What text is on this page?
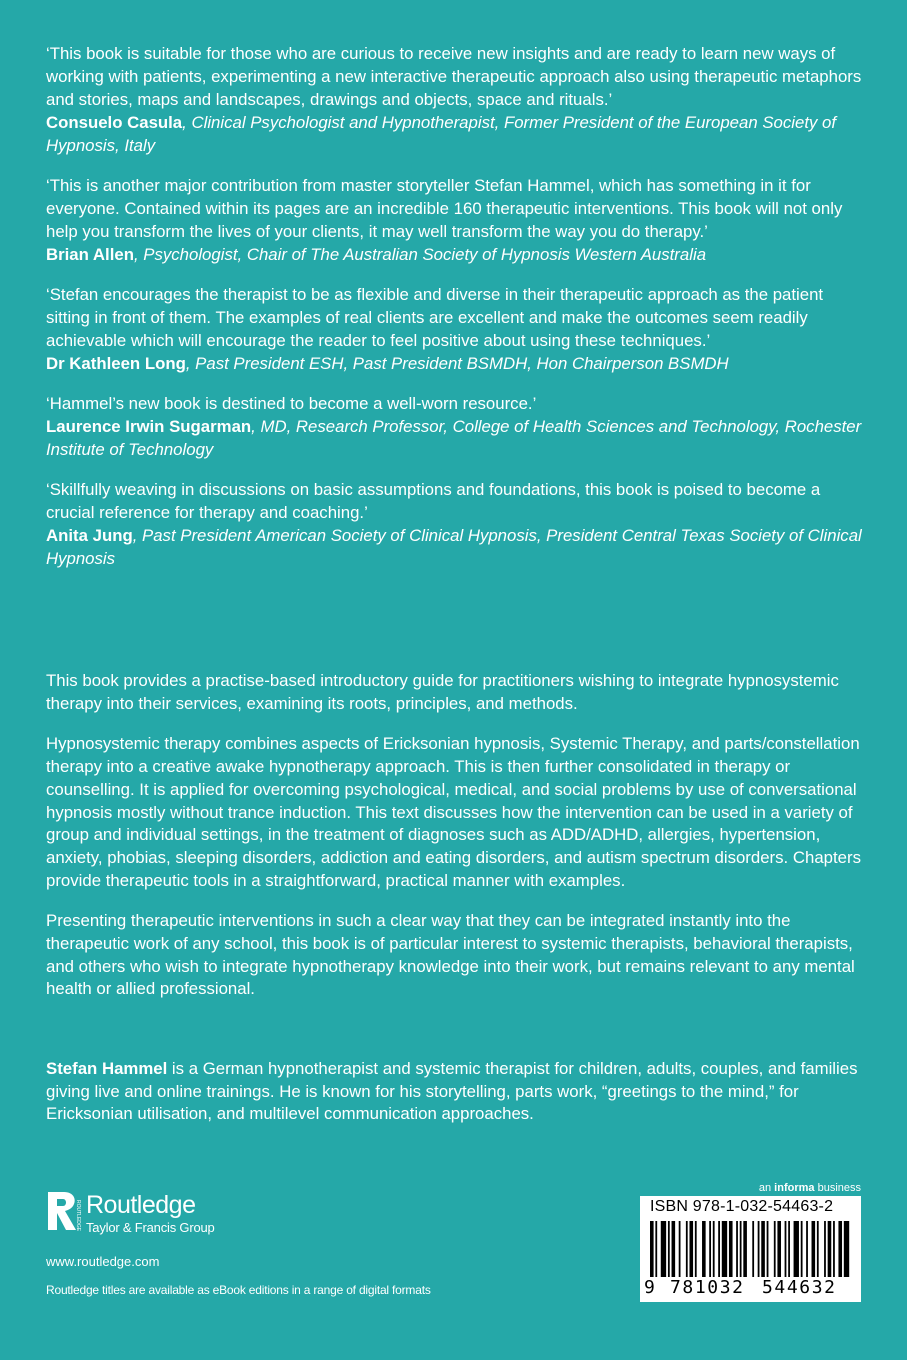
‘This book is suitable for those who are curious to receive new insights and are ready to learn new ways of working with patients, experimenting a new interactive therapeutic approach also using therapeutic metaphors and stories, maps and landscapes, drawings and objects, space and rituals.’

Consuelo Casula, Clinical Psychologist and Hypnotherapist, Former President of the European Society of Hypnosis, Italy

‘This is another major contribution from master storyteller Stefan Hammel, which has something in it for everyone. Contained within its pages are an incredible 160 therapeutic interventions. This book will not only help you transform the lives of your clients, it may well transform the way you do therapy.’

Brian Allen, Psychologist, Chair of The Australian Society of Hypnosis Western Australia

‘Stefan encourages the therapist to be as flexible and diverse in their therapeutic approach as the patient sitting in front of them. The examples of real clients are excellent and make the outcomes seem readily achievable which will encourage the reader to feel positive about using these techniques.’

Dr Kathleen Long, Past President ESH, Past President BSMDH, Hon Chairperson BSMDH

‘Hammel’s new book is destined to become a well-worn resource.’

Laurence Irwin Sugarman, MD, Research Professor, College of Health Sciences and Technology, Rochester Institute of Technology

‘Skillfully weaving in discussions on basic assumptions and foundations, this book is poised to become a crucial reference for therapy and coaching.’

Anita Jung, Past President American Society of Clinical Hypnosis, President Central Texas Society of Clinical Hypnosis

This book provides a practise-based introductory guide for practitioners wishing to integrate hypnosystemic therapy into their services, examining its roots, principles, and methods.

Hypnosystemic therapy combines aspects of Ericksonian hypnosis, Systemic Therapy, and parts/constellation therapy into a creative awake hypnotherapy approach. This is then further consolidated in therapy or counselling. It is applied for overcoming psychological, medical, and social problems by use of conversational hypnosis mostly without trance induction. This text discusses how the intervention can be used in a variety of group and individual settings, in the treatment of diagnoses such as ADD/ADHD, allergies, hypertension, anxiety, phobias, sleeping disorders, addiction and eating disorders, and autism spectrum disorders. Chapters provide therapeutic tools in a straightforward, practical manner with examples.

Presenting therapeutic interventions in such a clear way that they can be integrated instantly into the therapeutic work of any school, this book is of particular interest to systemic therapists, behavioral therapists, and others who wish to integrate hypnotherapy knowledge into their work, but remains relevant to any mental health or allied professional.

Stefan Hammel is a German hypnotherapist and systemic therapist for children, adults, couples, and families giving live and online trainings. He is known for his storytelling, parts work, “greetings to the mind,” for Ericksonian utilisation, and multilevel communication approaches.

ROUTLEDGE Routledge
Taylor & Francis Group
www.routledge.com
Routledge titles are available as eBook editions in a range of digital formats
an informa business
ISBN 978-1-032-54463-2
9 781032 544632
